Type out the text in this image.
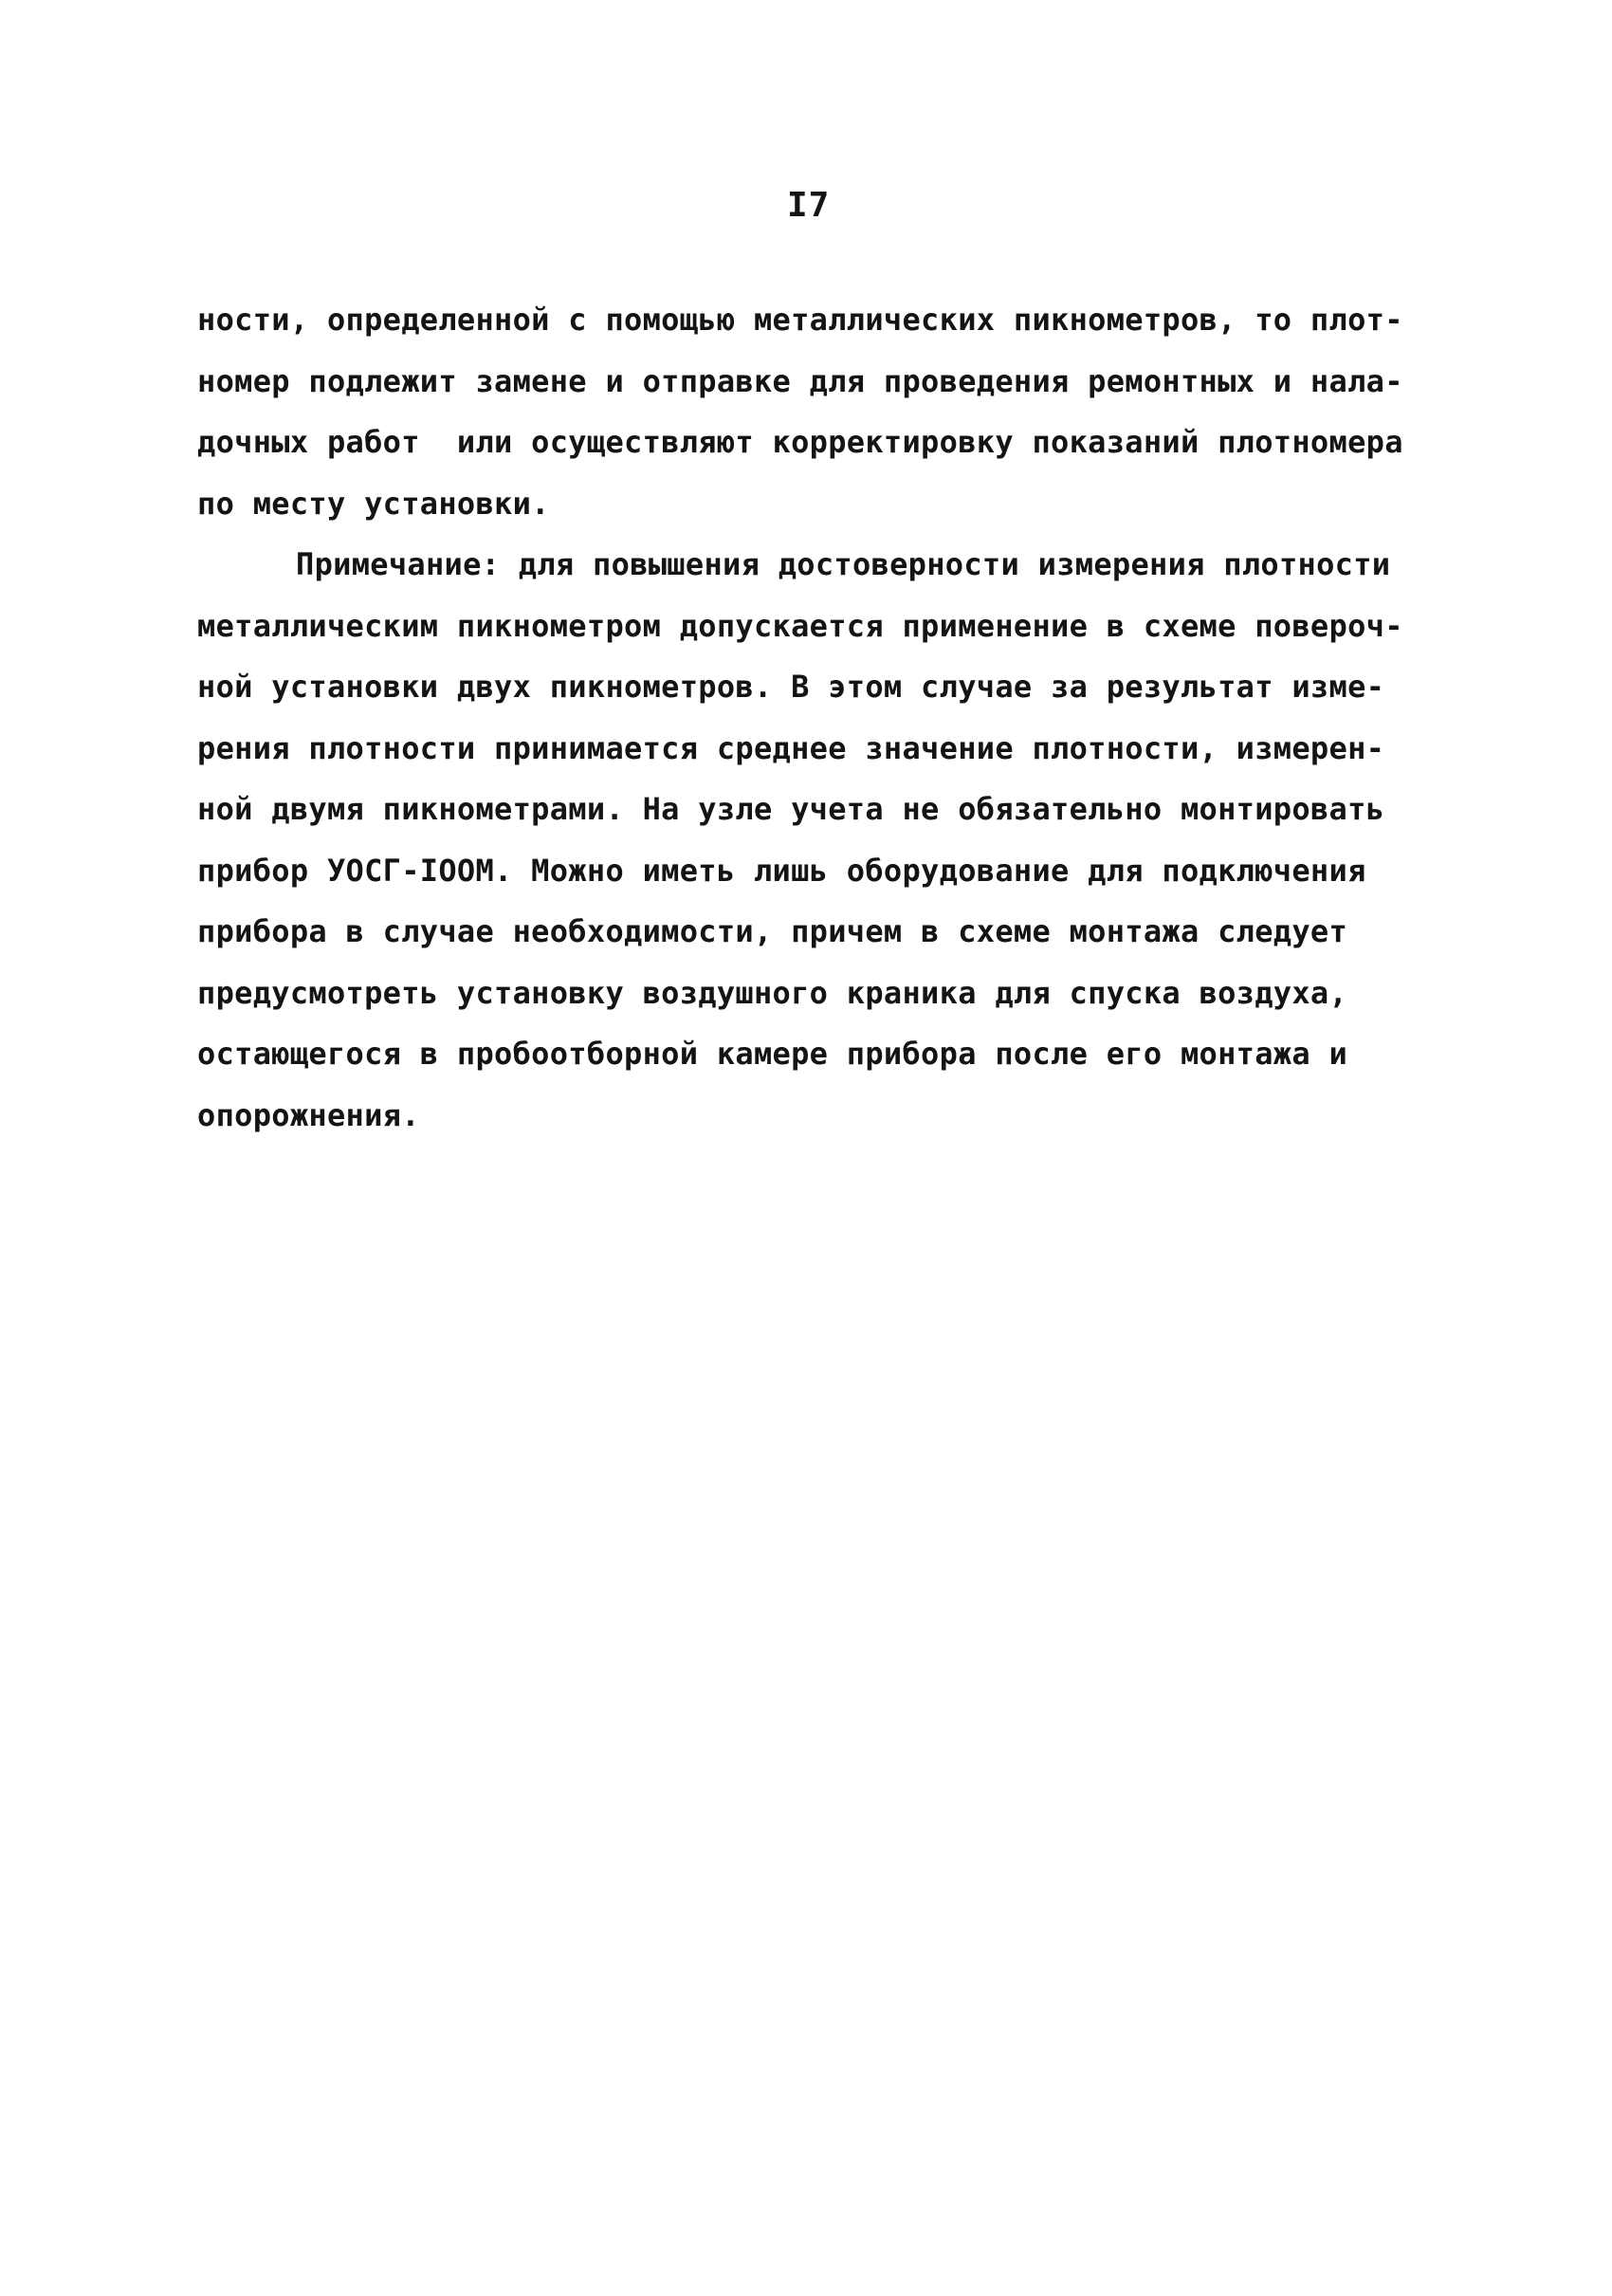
I7
ности, определенной с помощью металлических пикнометров, то плот-
номер подлежит замене и отправке для проведения ремонтных и нала-
дочных работ  или осуществляют корректировку показаний плотномера
по месту установки.
Примечание: для повышения достоверности измерения плотности
металлическим пикнометром допускается применение в схеме повероч-
ной установки двух пикнометров. В этом случае за результат изме-
рения плотности принимается среднее значение плотности, измерен-
ной двумя пикнометрами. На узле учета не обязательно монтировать
прибор УОСГ-IOOМ. Можно иметь лишь оборудование для подключения
прибора в случае необходимости, причем в схеме монтажа следует
предусмотреть установку воздушного краника для спуска воздуха,
остающегося в пробоотборной камере прибора после его монтажа и
опорожнения.
